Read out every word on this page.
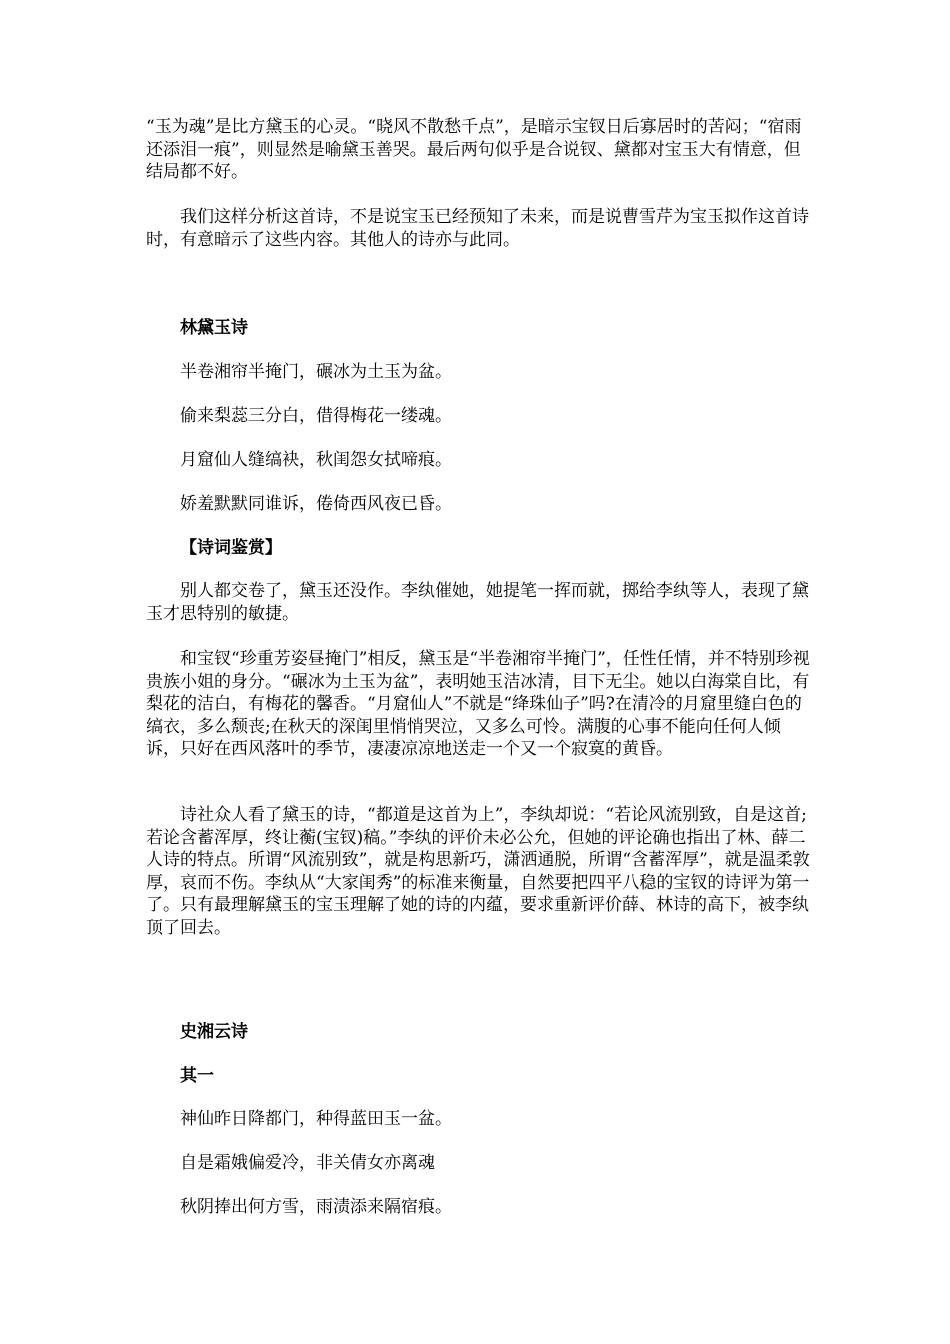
“玉为魂”是比方黛玉的心灵。“晓风不散愁千点”，是暗示宝钗日后寡居时的苦闷；“宿雨还添泪一痕”，则显然是喻黛玉善哭。最后两句似乎是合说钗、黛都对宝玉大有情意，但结局都不好。

我们这样分析这首诗，不是说宝玉已经预知了未来，而是说曹雪芹为宝玉拟作这首诗时，有意暗示了这些内容。其他人的诗亦与此同。

林黛玉诗

半卷湘帘半掩门，碾冰为土玉为盆。

偷来梨蕊三分白，借得梅花一缕魂。

月窟仙人缝缟袂，秋闺怨女拭啼痕。

娇羞默默同谁诉，倦倚西风夜已昏。

【诗词鉴赏】

别人都交卷了，黛玉还没作。李纨催她，她提笔一挥而就，掷给李纨等人，表现了黛玉才思特别的敏捷。

和宝钗“珍重芳姿昼掩门”相反，黛玉是“半卷湘帘半掩门”，任性任情，并不特别珍视贵族小姐的身分。“碾冰为土玉为盆”，表明她玉洁冰清，目下无尘。她以白海棠自比，有梨花的洁白，有梅花的馨香。“月窟仙人”不就是“绛珠仙子”吗?在清冷的月窟里缝白色的缟衣，多么颓丧;在秋天的深闺里悄悄哭泣，又多么可怜。满腹的心事不能向任何人倾诉，只好在西风落叶的季节，凄凄凉凉地送走一个又一个寂寞的黄昏。

诗社众人看了黛玉的诗，“都道是这首为上”，李纨却说：“若论风流别致，自是这首;若论含蓄浑厚，终让蘅(宝钗)稿。”李纨的评价未必公允，但她的评论确也指出了林、薛二人诗的特点。所谓“风流别致”，就是构思新巧，潇洒通脱，所谓“含蓄浑厚”，就是温柔敦厚，哀而不伤。李纨从“大家闺秀”的标准来衡量，自然要把四平八稳的宝钗的诗评为第一了。只有最理解黛玉的宝玉理解了她的诗的内蕴，要求重新评价薛、林诗的高下，被李纨顶了回去。

史湘云诗

其一

神仙昨日降都门，种得蓝田玉一盆。

自是霜娥偏爱冷，非关倩女亦离魂

秋阴捧出何方雪，雨渍添来隔宿痕。
